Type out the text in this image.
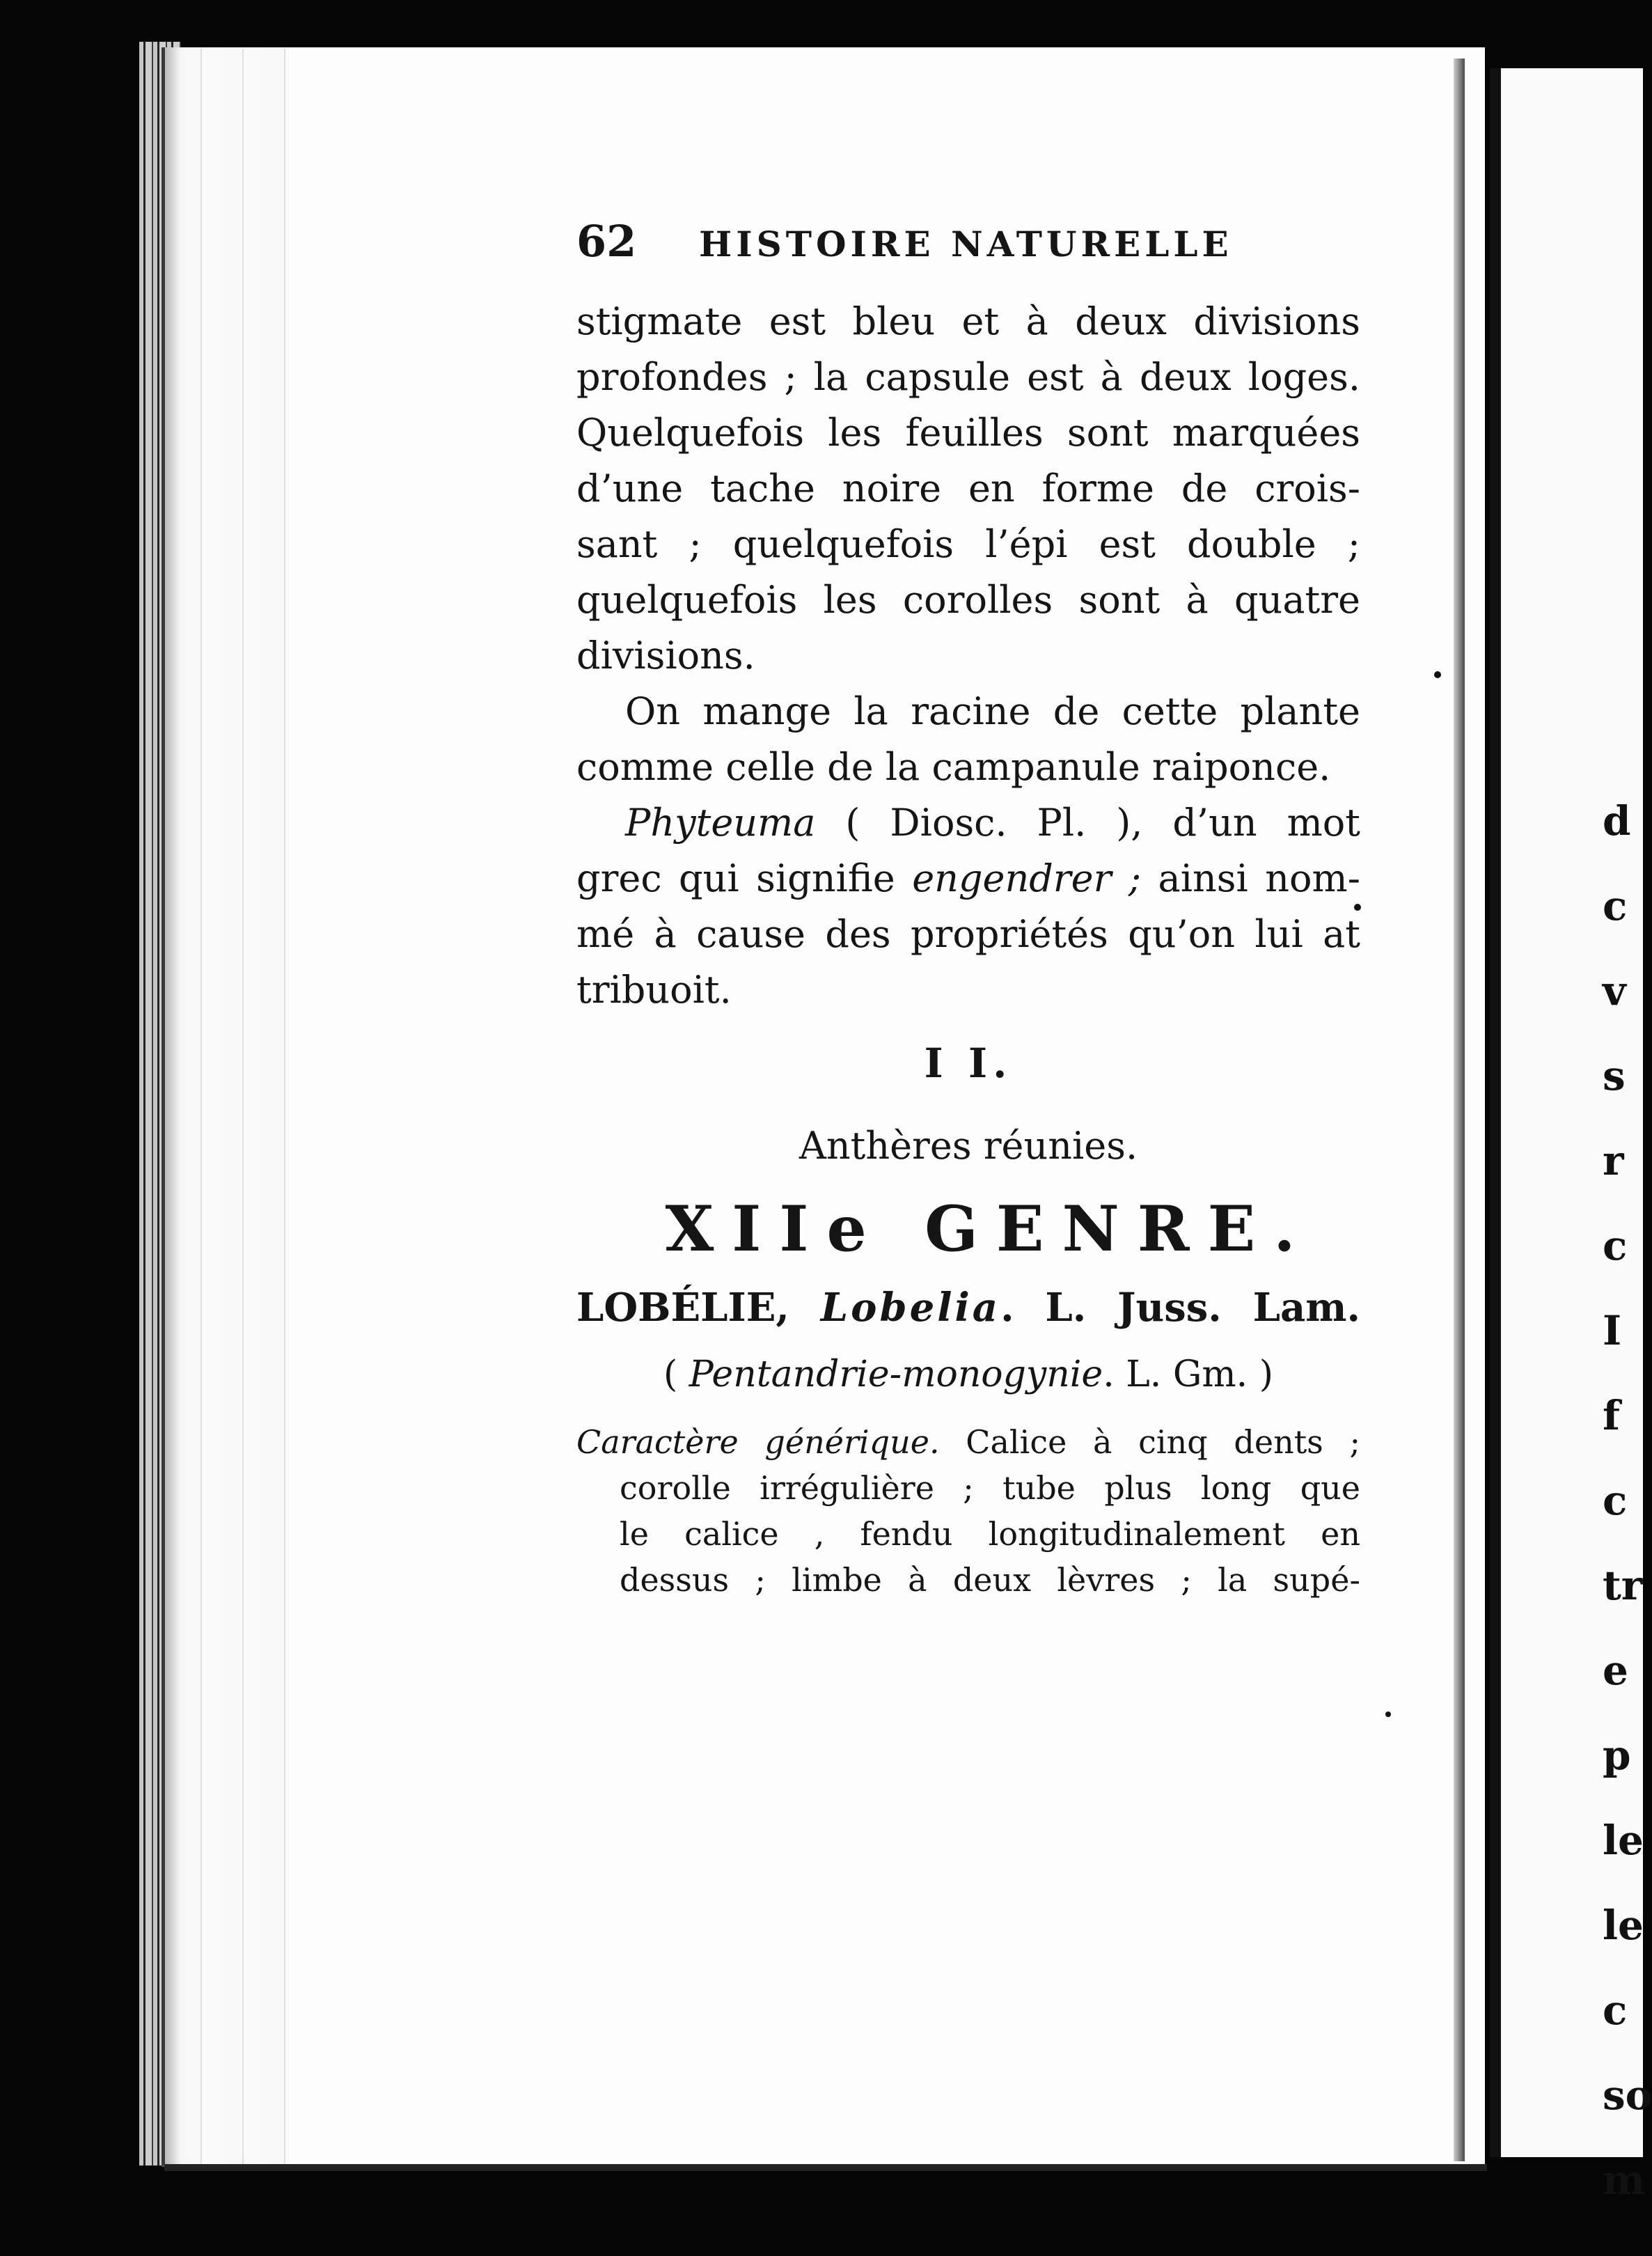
d
c
v
s
r
c
I
f
c
tr
e
p
le
le
c
so
m
62	HISTOIRE NATURELLE
stigmate est bleu et à deux divisions
profondes ; la capsule est à deux loges.
Quelquefois les feuilles sont marquées
d’une tache noire en forme de crois-
sant ; quelquefois l’épi est double ;
quelquefois les corolles sont à quatre
divisions.
On mange la racine de cette plante
comme celle de la campanule raiponce.
Phyteuma ( Diosc. Pl. ), d’un mot
grec qui signifie engendrer ; ainsi nom-
mé à cause des propriétés qu’on lui at
tribuoit.
I I.
Anthères réunies.
XIIe GENRE.
LOBÉLIE, Lobelia. L. Juss. Lam.
( Pentandrie-monogynie. L. Gm. )
Caractère générique. Calice à cinq dents ;
corolle irrégulière ; tube plus long que
le calice , fendu longitudinalement en
dessus ; limbe à deux lèvres ; la supé-
